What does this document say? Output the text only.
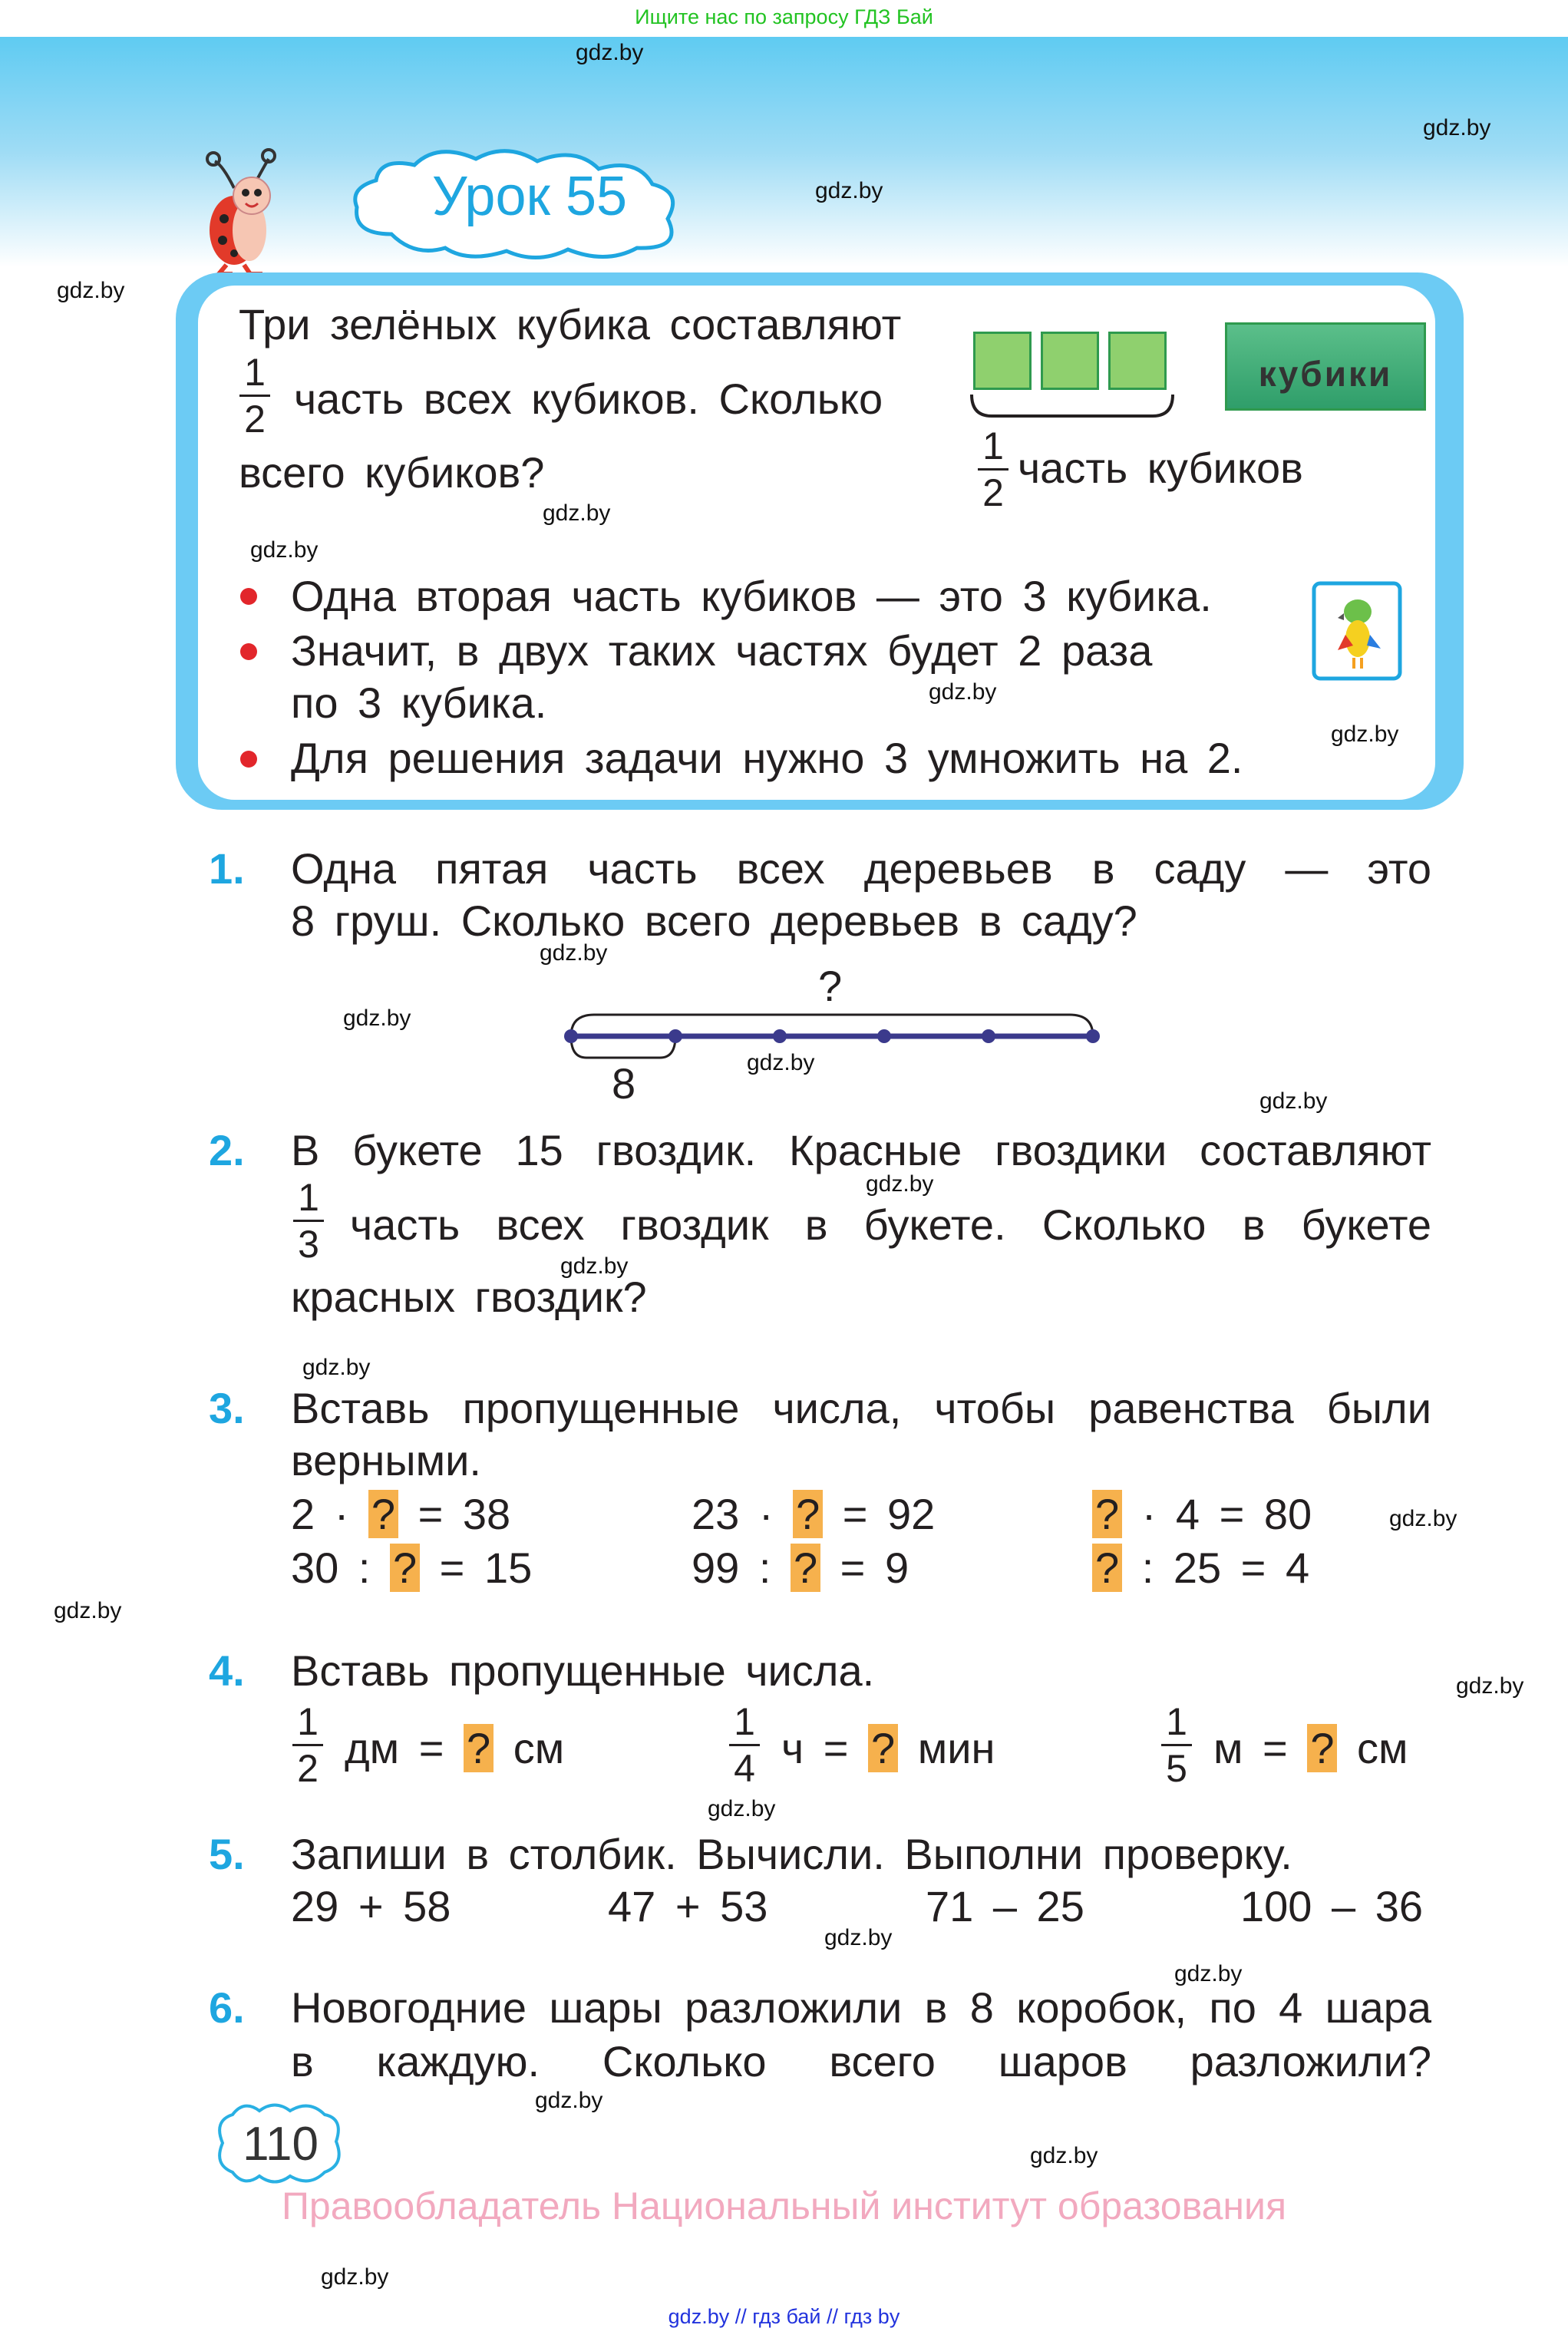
Ищите нас по запросу ГДЗ Бай
Урок 55
Три зелёных кубика составляют
1
2 часть всех кубиков. Сколько
всего кубиков?
кубики
1
2
часть кубиков
Одна вторая часть кубиков — это 3 кубика.
Значит, в двух таких частях будет 2 раза
по 3 кубика.
Для решения задачи нужно 3 умножить на 2.
1. Одна пятая часть всех деревьев в саду — это
8 груш. Сколько всего деревьев в саду?
?
8
2. В букете 15 гвоздик. Красные гвоздики составляют
1
3 часть всех гвоздик в букете. Сколько в букете
красных гвоздик?
3. Вставь пропущенные числа, чтобы равенства были
верными.
2 · ? = 38	23 · ? = 92	? · 4 = 80
30 : ? = 15	99 : ? = 9	? : 25 = 4
4. Вставь пропущенные числа.
1
2 дм = ? см
1
4 ч = ? мин
1
5 м = ? см
5. Запиши в столбик. Вычисли. Выполни проверку.
29 + 58	47 + 53	71 – 25	100 – 36
6. Новогодние шары разложили в 8 коробок, по 4 шара
в каждую. Сколько всего шаров разложили?
110
Правообладатель Национальный институт образования
gdz.by // гдз бай // гдз by
gdz.by
gdz.by
gdz.by
gdz.by
gdz.by
gdz.by
gdz.by
gdz.by
gdz.by
gdz.by
gdz.by
gdz.by
gdz.by
gdz.by
gdz.by
gdz.by
gdz.by
gdz.by
gdz.by
gdz.by
gdz.by
gdz.by
gdz.by
gdz.by
